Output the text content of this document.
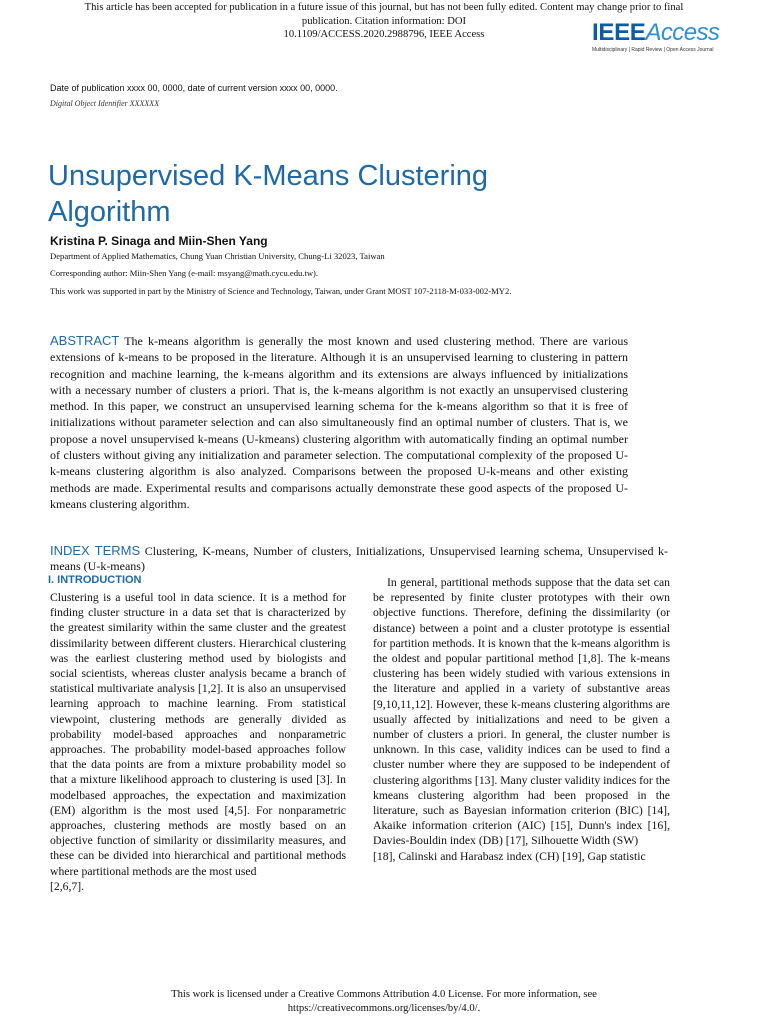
This article has been accepted for publication in a future issue of this journal, but has not been fully edited. Content may change prior to final
publication. Citation information: DOI
10.1109/ACCESS.2020.2988796, IEEE Access	IEEEAccess
Multidisciplinary | Rapid Review | Open Access Journal
Date of publication xxxx 00, 0000, date of current version xxxx 00, 0000.
Digital Object Identifier XXXXXX
Unsupervised K-Means Clustering Algorithm
Kristina P. Sinaga and Miin-Shen Yang
Department of Applied Mathematics, Chung Yuan Christian University, Chung-Li 32023, Taiwan
Corresponding author: Miin-Shen Yang (e-mail: msyang@math.cycu.edu.tw).
This work was supported in part by the Ministry of Science and Technology, Taiwan, under Grant MOST 107-2118-M-033-002-MY2.

ABSTRACT The k-means algorithm is generally the most known and used clustering method. There are various extensions of k-means to be proposed in the literature. Although it is an unsupervised learning to clustering in pattern recognition and machine learning, the k-means algorithm and its extensions are always influenced by initializations with a necessary number of clusters a priori. That is, the k-means algorithm is not exactly an unsupervised clustering method. In this paper, we construct an unsupervised learning schema for the k-means algorithm so that it is free of initializations without parameter selection and can also simultaneously find an optimal number of clusters. That is, we propose a novel unsupervised k-means (U-kmeans) clustering algorithm with automatically finding an optimal number of clusters without giving any initialization and parameter selection. The computational complexity of the proposed U-k-means clustering algorithm is also analyzed. Comparisons between the proposed U-k-means and other existing methods are made. Experimental results and comparisons actually demonstrate these good aspects of the proposed U-kmeans clustering algorithm.

INDEX TERMS Clustering, K-means, Number of clusters, Initializations, Unsupervised learning schema, Unsupervised k-means (U-k-means)

I. INTRODUCTION

Clustering is a useful tool in data science. It is a method for finding cluster structure in a data set that is characterized by the greatest similarity within the same cluster and the greatest dissimilarity between different clusters. Hierarchical clustering was the earliest clustering method used by biologists and social scientists, whereas cluster analysis became a branch of statistical multivariate analysis [1,2]. It is also an unsupervised learning approach to machine learning. From statistical viewpoint, clustering methods are generally divided as probability model-based approaches and nonparametric approaches. The probability model-based approaches follow that the data points are from a mixture probability model so that a mixture likelihood approach to clustering is used [3]. In modelbased approaches, the expectation and maximization (EM) algorithm is the most used [4,5]. For nonparametric approaches, clustering methods are mostly based on an objective function of similarity or dissimilarity measures, and these can be divided into hierarchical and partitional methods where partitional methods are the most used
[2,6,7].

In general, partitional methods suppose that the data set can be represented by finite cluster prototypes with their own objective functions. Therefore, defining the dissimilarity (or distance) between a point and a cluster prototype is essential for partition methods. It is known that the k-means algorithm is the oldest and popular partitional method [1,8]. The k-means clustering has been widely studied with various extensions in the literature and applied in a variety of substantive areas [9,10,11,12]. However, these k-means clustering algorithms are usually affected by initializations and need to be given a number of clusters a priori. In general, the cluster number is unknown. In this case, validity indices can be used to find a cluster number where they are supposed to be independent of clustering algorithms [13]. Many cluster validity indices for the kmeans clustering algorithm had been proposed in the literature, such as Bayesian information criterion (BIC) [14], Akaike information criterion (AIC) [15], Dunn's index [16], Davies-Bouldin index (DB) [17], Silhouette Width (SW)
[18], Calinski and Harabasz index (CH) [19], Gap statistic

This work is licensed under a Creative Commons Attribution 4.0 License. For more information, see
https://creativecommons.org/licenses/by/4.0/.
